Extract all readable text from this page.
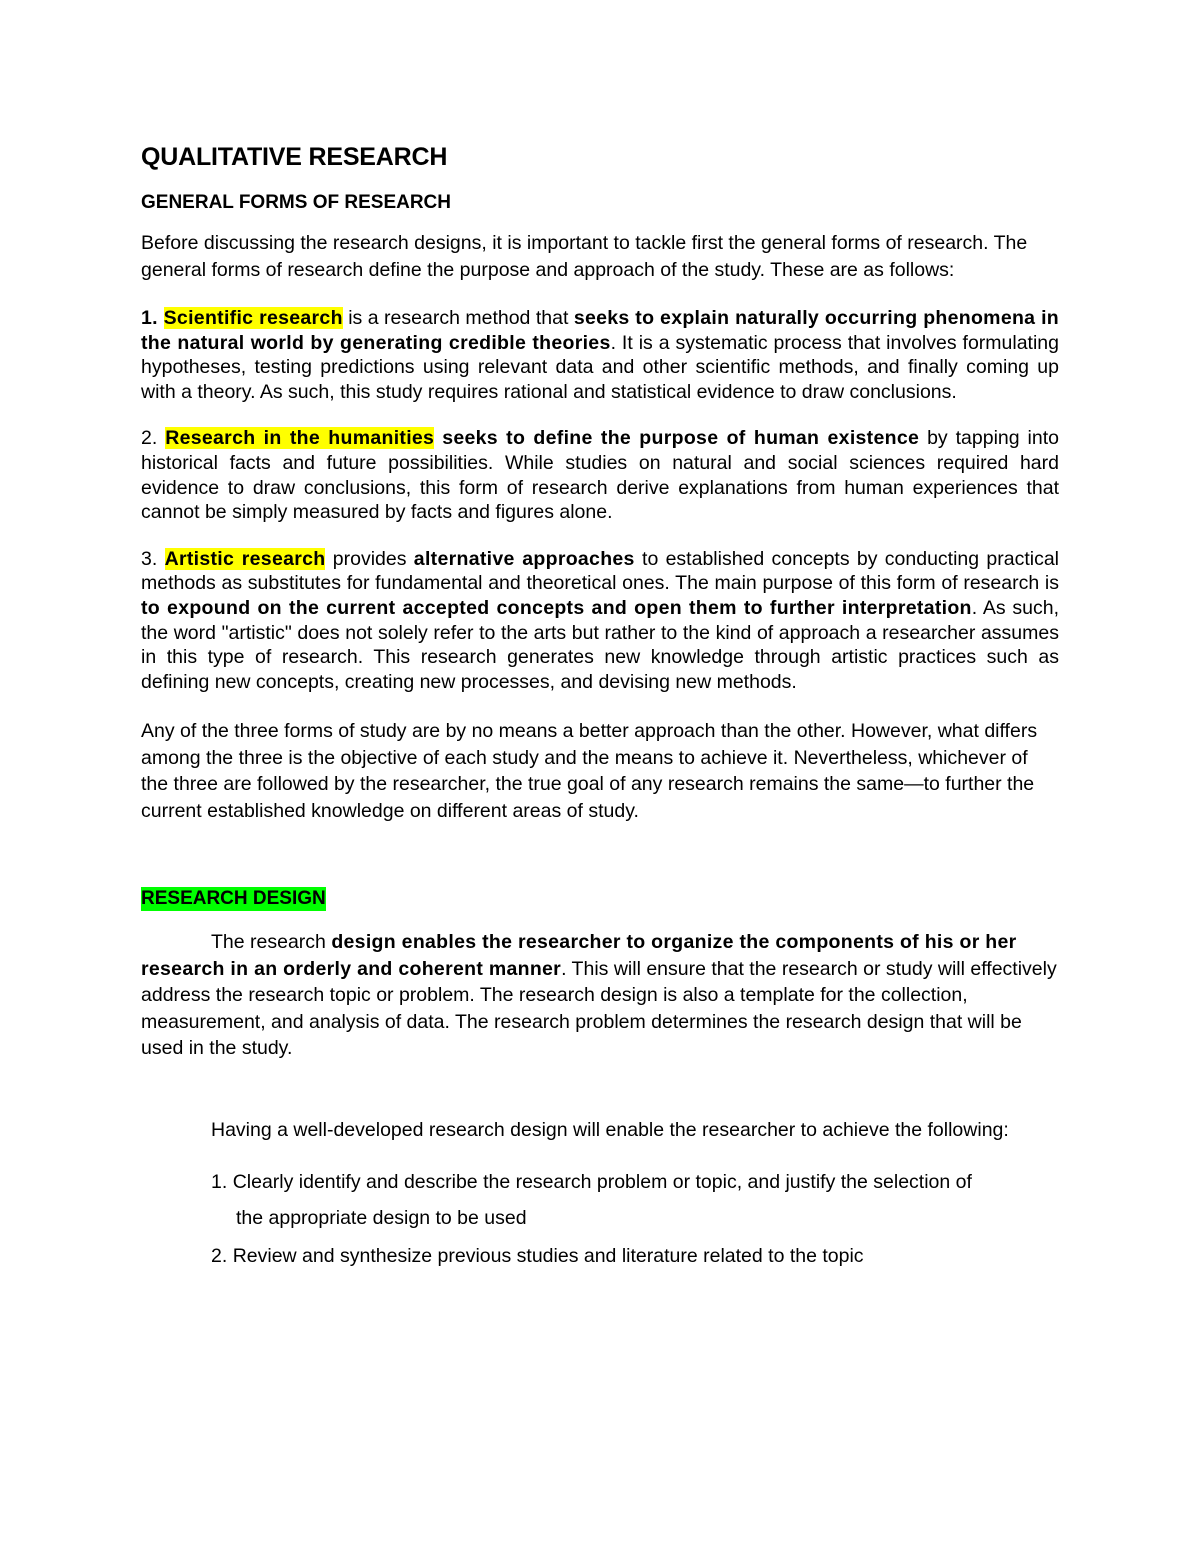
QUALITATIVE RESEARCH
GENERAL FORMS OF RESEARCH

Before discussing the research designs, it is important to tackle first the general forms of research. The general forms of research define the purpose and approach of the study. These are as follows:

1. Scientific research is a research method that seeks to explain naturally occurring phenomena in the natural world by generating credible theories. It is a systematic process that involves formulating hypotheses, testing predictions using relevant data and other scientific methods, and finally coming up with a theory. As such, this study requires rational and statistical evidence to draw conclusions.

2. Research in the humanities seeks to define the purpose of human existence by tapping into historical facts and future possibilities. While studies on natural and social sciences required hard evidence to draw conclusions, this form of research derive explanations from human experiences that cannot be simply measured by facts and figures alone.

3. Artistic research provides alternative approaches to established concepts by conducting practical methods as substitutes for fundamental and theoretical ones. The main purpose of this form of research is to expound on the current accepted concepts and open them to further interpretation. As such, the word "artistic" does not solely refer to the arts but rather to the kind of approach a researcher assumes in this type of research. This research generates new knowledge through artistic practices such as defining new concepts, creating new processes, and devising new methods.

Any of the three forms of study are by no means a better approach than the other. However, what differs among the three is the objective of each study and the means to achieve it. Nevertheless, whichever of the three are followed by the researcher, the true goal of any research remains the same—to further the current established knowledge on different areas of study.

RESEARCH DESIGN

The research design enables the researcher to organize the components of his or her research in an orderly and coherent manner. This will ensure that the research or study will effectively address the research topic or problem. The research design is also a template for the collection, measurement, and analysis of data. The research problem determines the research design that will be used in the study.

Having a well-developed research design will enable the researcher to achieve the following:

1. Clearly identify and describe the research problem or topic, and justify the selection of
the appropriate design to be used
2. Review and synthesize previous studies and literature related to the topic
